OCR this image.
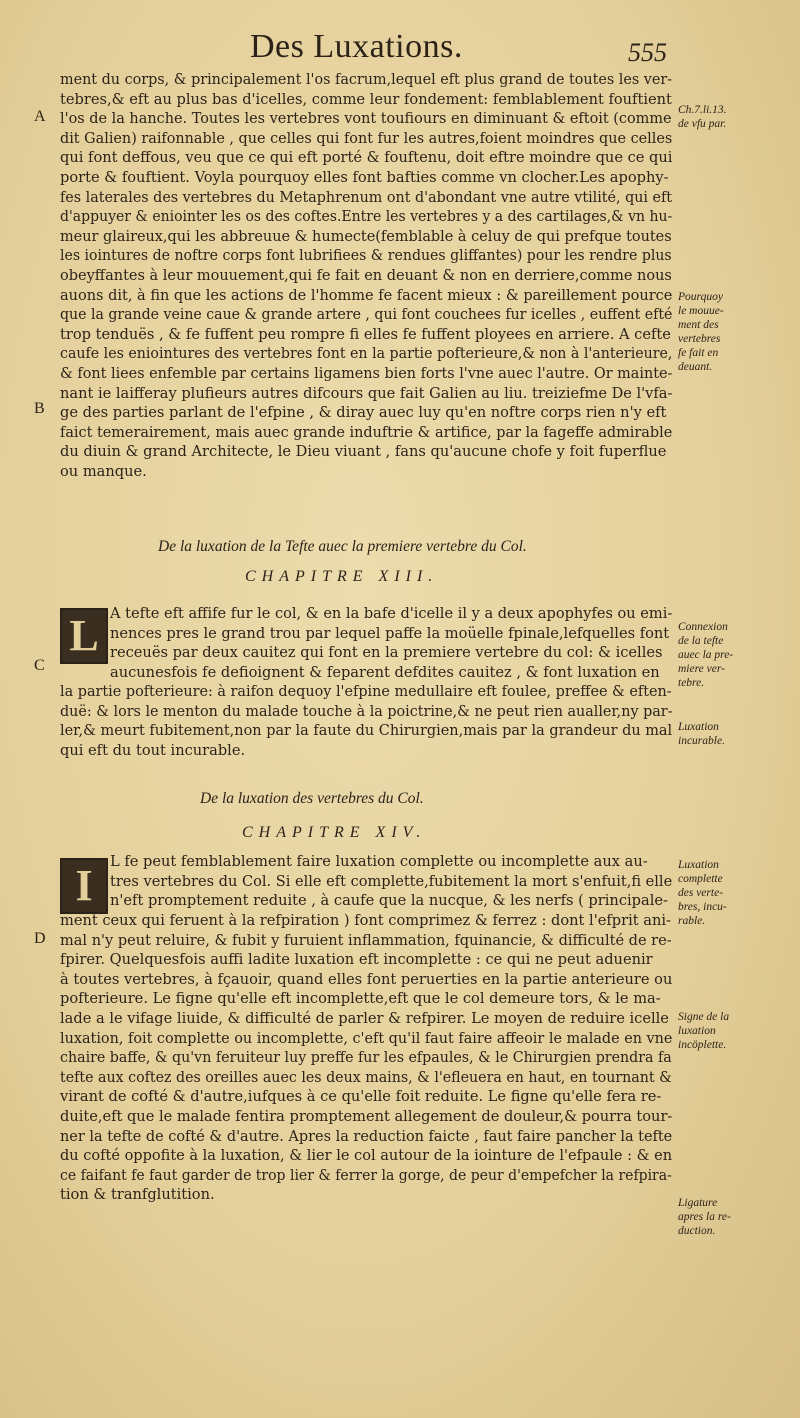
Des Luxations.	555
A
B
C
D
ment du corps, & principalement l'os facrum,lequel eft plus grand de toutes les ver-
tebres,& eft au plus bas d'icelles, comme leur fondement: femblablement fouftient
l'os de la hanche. Toutes les vertebres vont toufiours en diminuant & eftoit (comme
dit Galien) raifonnable , que celles qui font fur les autres,foient moindres que celles
qui font deffous, veu que ce qui eft porté & fouftenu, doit eftre moindre que ce qui
porte & fouftient. Voyla pourquoy elles font bafties comme vn clocher.Les apophy-
fes laterales des vertebres du Metaphrenum ont d'abondant vne autre vtilité, qui eft
d'appuyer & eniointer les os des coftes.Entre les vertebres y a des cartilages,& vn hu-
meur glaireux,qui les abbreuue & humecte(femblable à celuy de qui prefque toutes
les iointures de noftre corps font lubrifiees & rendues gliffantes) pour les rendre plus
obeyffantes à leur mouuement,qui fe fait en deuant & non en derriere,comme nous
auons dit, à fin que les actions de l'homme fe facent mieux : & pareillement pource
que la grande veine caue & grande artere , qui font couchees fur icelles , euffent efté
trop tenduës , & fe fuffent peu rompre fi elles fe fuffent ployees en arriere. A cefte
caufe les eniointures des vertebres font en la partie pofterieure,& non à l'anterieure,
& font liees enfemble par certains ligamens bien forts l'vne auec l'autre. Or mainte-
nant ie laifferay plufieurs autres difcours que fait Galien au liu. treiziefme De l'vfa-
ge des parties parlant de l'efpine , & diray auec luy qu'en noftre corps rien n'y eft
faict temerairement, mais auec grande induftrie & artifice, par la fageffe admirable
du diuin & grand Architecte, le Dieu viuant , fans qu'aucune chofe y foit fuperflue
ou manque.
De la luxation de la Tefte auec la premiere vertebre du Col.
CHAPITRE XIII.
L A tefte eft affife fur le col, & en la bafe d'icelle il y a deux apophyfes ou emi-
nences pres le grand trou par lequel paffe la moüelle fpinale,lefquelles font
receuës par deux cauitez qui font en la premiere vertebre du col: & icelles
aucunesfois fe defioignent & feparent defdites cauitez , & font luxation en
la partie pofterieure: à raifon dequoy l'efpine medullaire eft foulee, preffee & eften-
duë: & lors le menton du malade touche à la poictrine,& ne peut rien aualler,ny par-
ler,& meurt fubitement,non par la faute du Chirurgien,mais par la grandeur du mal
qui eft du tout incurable.
De la luxation des vertebres du Col.
CHAPITRE XIV.
I	L fe peut femblablement faire luxation complette ou incomplette aux au-
tres vertebres du Col. Si elle eft complette,fubitement la mort s'enfuit,fi elle
n'eft promptement reduite , à caufe que la nucque, & les nerfs ( principale-
ment ceux qui feruent à la refpiration ) font comprimez & ferrez : dont l'efprit ani-
mal n'y peut reluire, & fubit y furuient inflammation, fquinancie, & difficulté de re-
fpirer. Quelquesfois auffi ladite luxation eft incomplette : ce qui ne peut aduenir
à toutes vertebres, à fçauoir, quand elles font peruerties en la partie anterieure ou
pofterieure. Le figne qu'elle eft incomplette,eft que le col demeure tors, & le ma-
lade a le vifage liuide, & difficulté de parler & refpirer. Le moyen de reduire icelle
luxation, foit complette ou incomplette, c'eft qu'il faut faire affeoir le malade en vne
chaire baffe, & qu'vn feruiteur luy preffe fur les efpaules, & le Chirurgien prendra fa
tefte aux coftez des oreilles auec les deux mains, & l'efleuera en haut, en tournant &
virant de cofté & d'autre,iufques à ce qu'elle foit reduite. Le figne qu'elle fera re-
duite,eft que le malade fentira promptement allegement de douleur,& pourra tour-
ner la tefte de cofté & d'autre. Apres la reduction faicte , faut faire pancher la tefte
du cofté oppofite à la luxation, & lier le col autour de la iointure de l'efpaule : & en
ce faifant fe faut garder de trop lier & ferrer la gorge, de peur d'empefcher la refpira-
tion & tranfglutition.
Ch.7.li.13.
de vfu par.
Pourquoy
le mouue-
ment des
vertebres
fe fait en
deuant.
Connexion
de la tefte
auec la pre-
miere ver-
tebre.
Luxation
incurable.
Luxation
complette
des verte-
bres, incu-
rable.
Signe de la
luxation
incöplette.
Ligature
apres la re-
duction.
